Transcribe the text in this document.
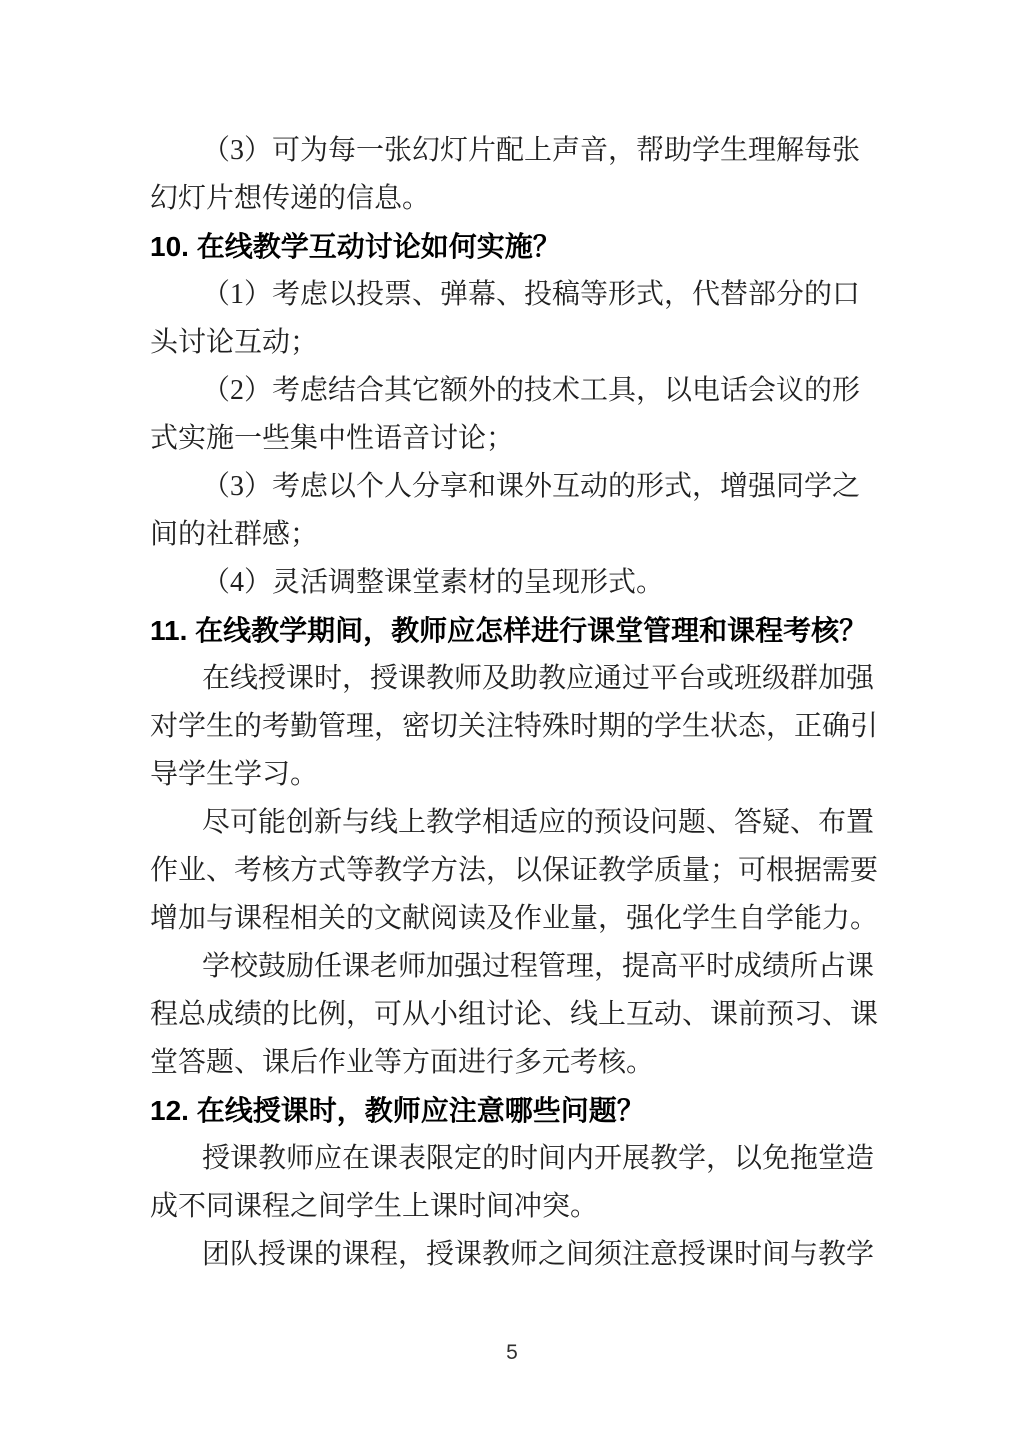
（3）可为每一张幻灯片配上声音，帮助学生理解每张
幻灯片想传递的信息。
10. 在线教学互动讨论如何实施？
（1）考虑以投票、弹幕、投稿等形式，代替部分的口
头讨论互动；
（2）考虑结合其它额外的技术工具，以电话会议的形
式实施一些集中性语音讨论；
（3）考虑以个人分享和课外互动的形式，增强同学之
间的社群感；
（4）灵活调整课堂素材的呈现形式。
11. 在线教学期间，教师应怎样进行课堂管理和课程考核？
在线授课时，授课教师及助教应通过平台或班级群加强
对学生的考勤管理，密切关注特殊时期的学生状态，正确引
导学生学习。
尽可能创新与线上教学相适应的预设问题、答疑、布置
作业、考核方式等教学方法，以保证教学质量；可根据需要
增加与课程相关的文献阅读及作业量，强化学生自学能力。
学校鼓励任课老师加强过程管理，提高平时成绩所占课
程总成绩的比例，可从小组讨论、线上互动、课前预习、课
堂答题、课后作业等方面进行多元考核。
12. 在线授课时，教师应注意哪些问题？
授课教师应在课表限定的时间内开展教学，以免拖堂造
成不同课程之间学生上课时间冲突。
团队授课的课程，授课教师之间须注意授课时间与教学
5
